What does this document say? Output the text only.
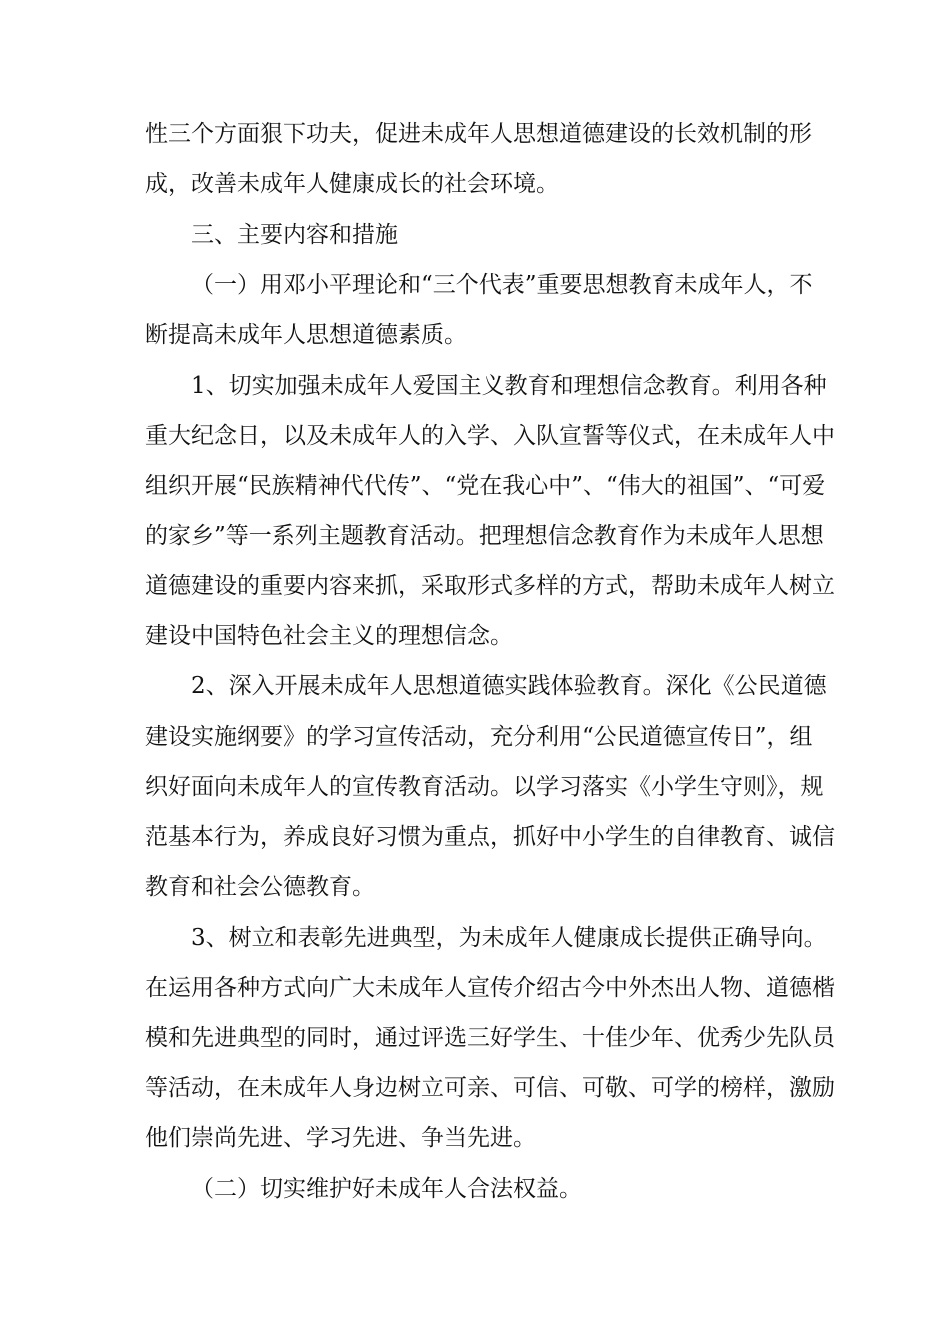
性三个方面狠下功夫，促进未成年人思想道德建设的长效机制的形
成，改善未成年人健康成长的社会环境。
三、主要内容和措施
（一）用邓小平理论和“三个代表”重要思想教育未成年人，不
断提高未成年人思想道德素质。
1、切实加强未成年人爱国主义教育和理想信念教育。利用各种
重大纪念日，以及未成年人的入学、入队宣誓等仪式，在未成年人中
组织开展“民族精神代代传”、“党在我心中”、“伟大的祖国”、“可爱
的家乡”等一系列主题教育活动。把理想信念教育作为未成年人思想
道德建设的重要内容来抓，采取形式多样的方式，帮助未成年人树立
建设中国特色社会主义的理想信念。
2、深入开展未成年人思想道德实践体验教育。深化《公民道德
建设实施纲要》的学习宣传活动，充分利用“公民道德宣传日”，组
织好面向未成年人的宣传教育活动。以学习落实《小学生守则》，规
范基本行为，养成良好习惯为重点，抓好中小学生的自律教育、诚信
教育和社会公德教育。
3、树立和表彰先进典型，为未成年人健康成长提供正确导向。
在运用各种方式向广大未成年人宣传介绍古今中外杰出人物、道德楷
模和先进典型的同时，通过评选三好学生、十佳少年、优秀少先队员
等活动，在未成年人身边树立可亲、可信、可敬、可学的榜样，激励
他们崇尚先进、学习先进、争当先进。
（二）切实维护好未成年人合法权益。
